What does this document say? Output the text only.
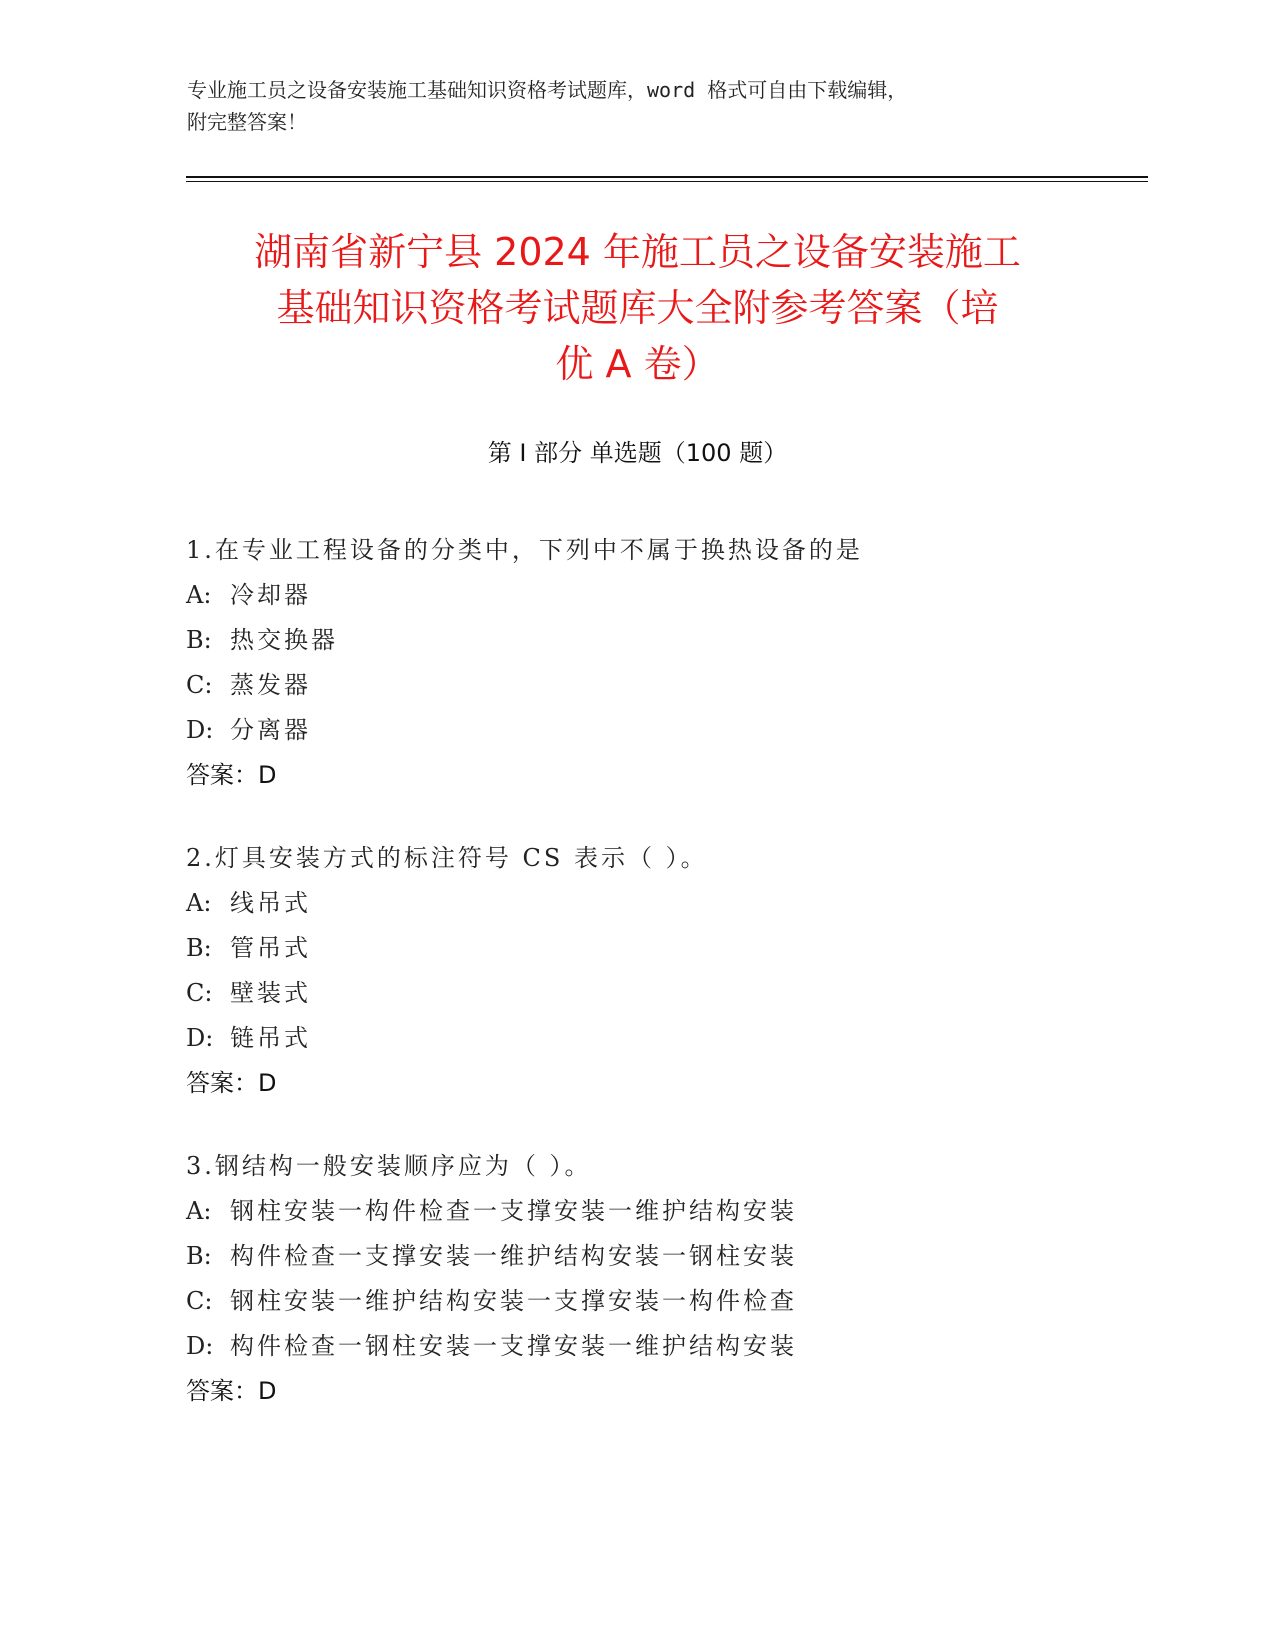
专业施工员之设备安装施工基础知识资格考试题库，word 格式可自由下载编辑，
附完整答案！
湖南省新宁县 2024 年施工员之设备安装施工
基础知识资格考试题库大全附参考答案（培
优 A 卷）
第 I 部分 单选题（100 题）
1.在专业工程设备的分类中，下列中不属于换热设备的是
A: 冷却器
B: 热交换器
C: 蒸发器
D: 分离器
答案：D
2.灯具安装方式的标注符号 CS 表示（ ）。
A: 线吊式
B: 管吊式
C: 壁装式
D: 链吊式
答案：D
3.钢结构一般安装顺序应为（ ）。
A: 钢柱安装一构件检查一支撑安装一维护结构安装
B: 构件检查一支撑安装一维护结构安装一钢柱安装
C: 钢柱安装一维护结构安装一支撑安装一构件检查
D: 构件检查一钢柱安装一支撑安装一维护结构安装
答案：D
